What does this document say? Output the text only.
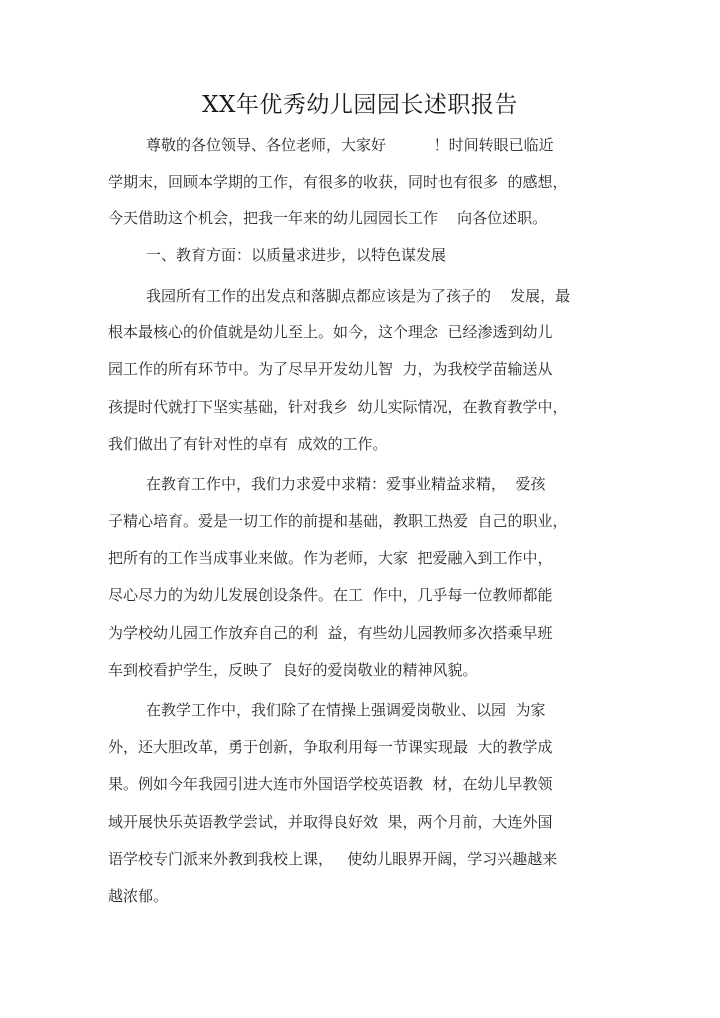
XX年优秀幼儿园园长述职报告
尊敬的各位领导、各位老师，大家好          ！时间转眼已临近
学期末，回顾本学期的工作，有很多的收获，同时也有很多  的感想，
今天借助这个机会，把我一年来的幼儿园园长工作    向各位述职。
一、教育方面：以质量求进步，以特色谋发展
我园所有工作的出发点和落脚点都应该是为了孩子的    发展，最
根本最核心的价值就是幼儿至上。如今，这个理念  已经渗透到幼儿
园工作的所有环节中。为了尽早开发幼儿智  力，为我校学苗输送从
孩提时代就打下坚实基础，针对我乡  幼儿实际情况，在教育教学中，
我们做出了有针对性的卓有  成效的工作。
在教育工作中，我们力求爱中求精：爱事业精益求精，  爱孩
子精心培育。爱是一切工作的前提和基础，教职工热爱  自己的职业，
把所有的工作当成事业来做。作为老师，大家  把爱融入到工作中，
尽心尽力的为幼儿发展创设条件。在工  作中，几乎每一位教师都能
为学校幼儿园工作放弃自己的利  益，有些幼儿园教师多次搭乘早班
车到校看护学生，反映了  良好的爱岗敬业的精神风貌。
在教学工作中，我们除了在情操上强调爱岗敬业、以园  为家
外，还大胆改革，勇于创新，争取利用每一节课实现最  大的教学成
果。例如今年我园引进大连市外国语学校英语教  材，在幼儿早教领
域开展快乐英语教学尝试，并取得良好效  果，两个月前，大连外国
语学校专门派来外教到我校上课，   使幼儿眼界开阔，学习兴趣越来
越浓郁。
